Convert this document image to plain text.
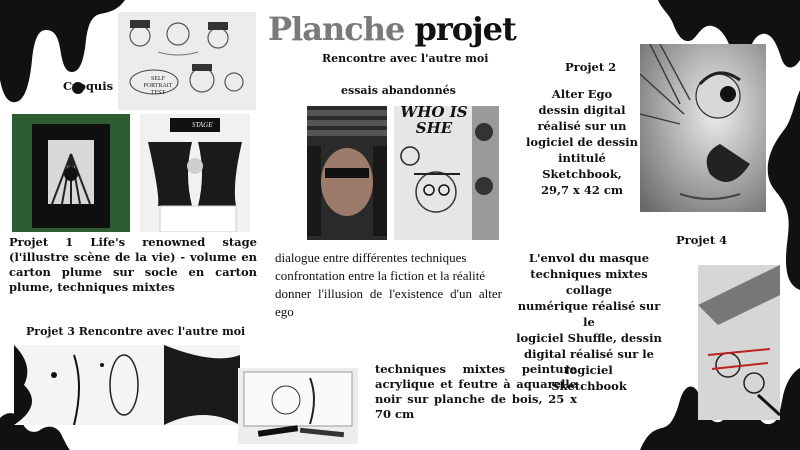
Planche projet
SELF PORTRAIT TEST
Croquis
Rencontre avec l'autre moi
essais abandonnés
Projet 2
Alter Ego
dessin digital
réalisé sur un
logiciel de dessin
intitulé
Sketchbook,
29,7 x 42 cm
STAGE
WHO IS SHE
Projet 1 Life's renowned stage (l'illustre scène de la vie) - volume en carton plume sur socle en carton plume, techniques mixtes
dialogue entre différentes techniques
confrontation entre la fiction et la réalité
donner l'illusion de l'existence d'un alter ego
Projet 4
L'envol du masque
techniques mixtes collage
numérique réalisé sur le
logiciel Shuffle, dessin
digital réalisé sur le logiciel
Sketchbook
Projet 3 Rencontre avec l'autre moi
techniques mixtes peinture acrylique et feutre à aquarelle noir sur planche de bois, 25 x 70 cm
